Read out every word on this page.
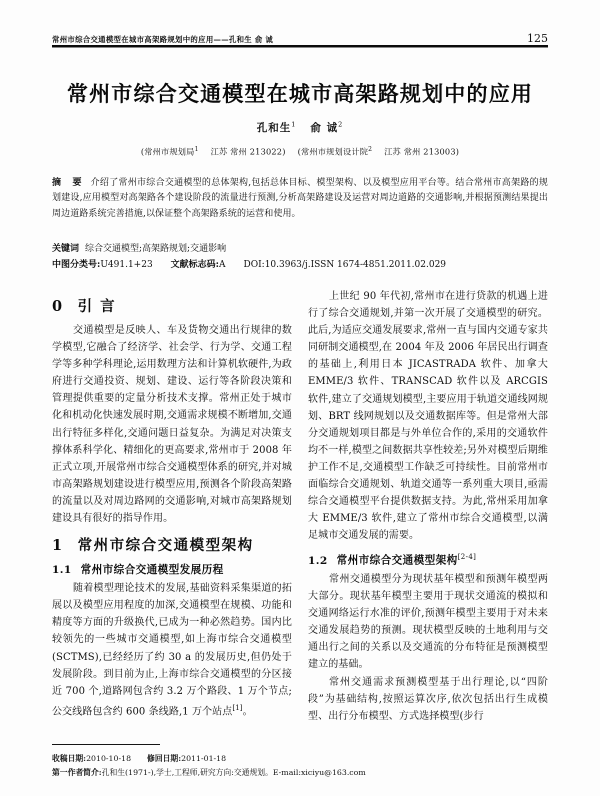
常州市综合交通模型在城市高架路规划中的应用——孔和生 俞 诚	125
常州市综合交通模型在城市高架路规划中的应用
孔和生$^1$ 俞 诚$^2$
(常州市规划局$^1$ 江苏 常州 213022) (常州市规划设计院$^2$ 江苏 常州 213003)
摘 要 介绍了常州市综合交通模型的总体架构,包括总体目标、模型架构、以及模型应用平台等。结合常州市高架路的规划建设,应用模型对高架路各个建设阶段的流量进行预测,分析高架路建设及运营对周边道路的交通影响,并根据预测结果提出周边道路系统完善措施,以保证整个高架路系统的运营和使用。
关键词 综合交通模型;高架路规划;交通影响
中图分类号:U491.1+23 文献标志码:A DOI:10.3963/j.ISSN 1674-4851.2011.02.029
0 引 言

交通模型是反映人、车及货物交通出行规律的数学模型,它融合了经济学、社会学、行为学、交通工程学等多种学科理论,运用数理方法和计算机软硬件,为政府进行交通投资、规划、建设、运行等各阶段决策和管理提供重要的定量分析技术支撑。常州正处于城市化和机动化快速发展时期,交通需求规模不断增加,交通出行特征多样化,交通问题日益复杂。为满足对决策支撑体系科学化、精细化的更高要求,常州市于 2008 年正式立项,开展常州市综合交通模型体系的研究,并对城市高架路规划建设进行模型应用,预测各个阶段高架路的流量以及对周边路网的交通影响,对城市高架路规划建设具有很好的指导作用。

1 常州市综合交通模型架构
1.1 常州市综合交通模型发展历程

随着模型理论技术的发展,基础资料采集渠道的拓展以及模型应用程度的加深,交通模型在规模、功能和精度等方面的升级换代,已成为一种必然趋势。国内比较领先的一些城市交通模型,如上海市综合交通模型(SCTMS),已经经历了约 30 a 的发展历史,但仍处于发展阶段。到目前为止,上海市综合交通模型的分区接近 700 个,道路网包含约 3.2 万个路段、1 万个节点;公交线路包含约 600 条线路,1 万个站点[1]。

上世纪 90 年代初,常州市在进行贷款的机遇上进行了综合交通规划,并第一次开展了交通模型的研究。此后,为适应交通发展要求,常州一直与国内交通专家共同研制交通模型,在 2004 年及 2006 年居民出行调查的基础上,利用日本 JICASTRADA 软件、加拿大 EMME/3 软件、TRANSCAD 软件以及 ARCGIS 软件,建立了交通规划模型,主要应用于轨道交通线网规划、BRT 线网规划以及交通数据库等。但是常州大部分交通规划项目都是与外单位合作的,采用的交通软件均不一样,模型之间数据共享性较差;另外对模型后期维护工作不足,交通模型工作缺乏可持续性。目前常州市面临综合交通规划、轨道交通等一系列重大项目,亟需综合交通模型平台提供数据支持。为此,常州采用加拿大 EMME/3 软件,建立了常州市综合交通模型,以满足城市交通发展的需要。

1.2 常州市综合交通模型架构[2-4]

常州交通模型分为现状基年模型和预测年模型两大部分。现状基年模型主要用于现状交通流的模拟和交通网络运行水准的评价,预测年模型主要用于对未来交通发展趋势的预测。现状模型反映的土地利用与交通出行之间的关系以及交通流的分布特征是预测模型建立的基础。

常州交通需求预测模型基于出行理论,以“四阶段”为基础结构,按照运算次序,依次包括出行生成模型、出行分布模型、方式选择模型(步行

收稿日期:2010-10-18 修回日期:2011-01-18
第一作者简介:孔和生(1971-),学士,工程师,研究方向:交通规划。E-mail:xiciyu@163.com
